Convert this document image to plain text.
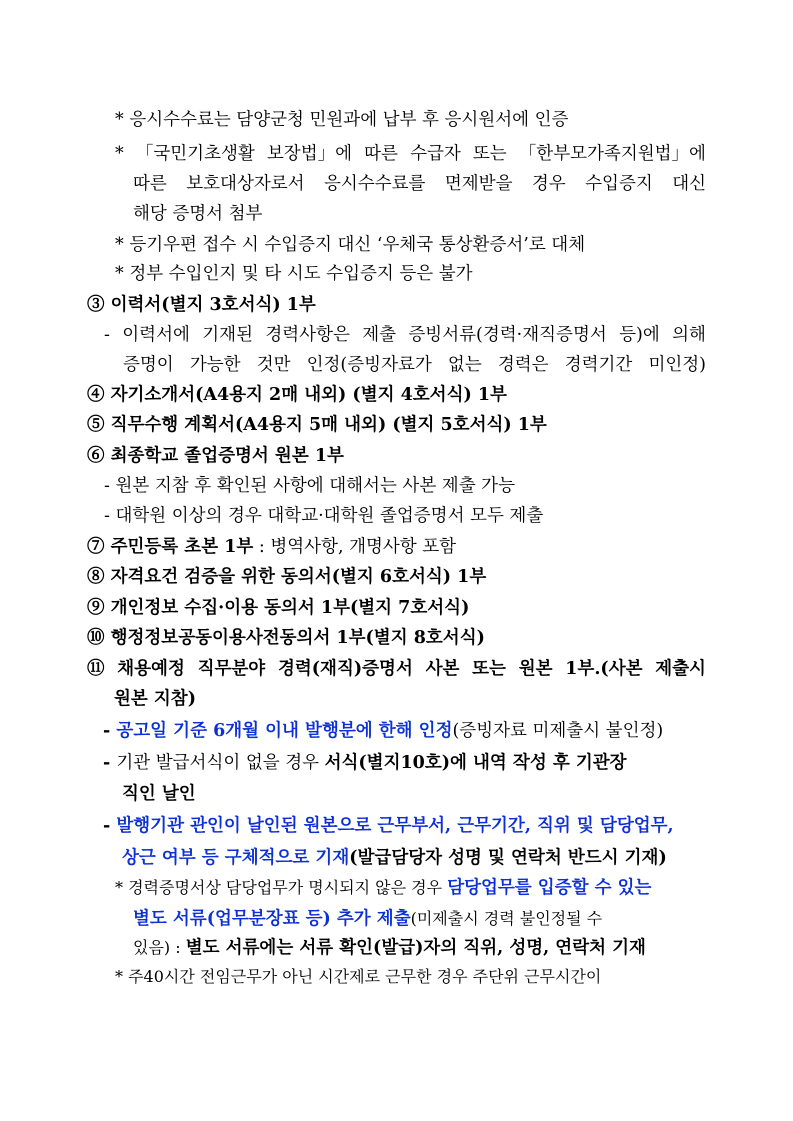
* 응시수수료는 담양군청 민원과에 납부 후 응시원서에 인증
* 「국민기초생활 보장법」에 따른 수급자 또는 「한부모가족지원법」에
따른 보호대상자로서 응시수수료를 면제받을 경우 수입증지 대신
해당 증명서 첨부
* 등기우편 접수 시 수입증지 대신 ‘우체국 통상환증서’로 대체
* 정부 수입인지 및 타 시도 수입증지 등은 불가
③ 이력서(별지 3호서식) 1부
- 이력서에 기재된 경력사항은 제출 증빙서류(경력·재직증명서 등)에 의해
증명이 가능한 것만 인정(증빙자료가 없는 경력은 경력기간 미인정)
④ 자기소개서(A4용지 2매 내외) (별지 4호서식) 1부
⑤ 직무수행 계획서(A4용지 5매 내외) (별지 5호서식) 1부
⑥ 최종학교 졸업증명서 원본 1부
- 원본 지참 후 확인된 사항에 대해서는 사본 제출 가능
- 대학원 이상의 경우 대학교·대학원 졸업증명서 모두 제출
⑦ 주민등록 초본 1부 : 병역사항, 개명사항 포함
⑧ 자격요건 검증을 위한 동의서(별지 6호서식) 1부
⑨ 개인정보 수집·이용 동의서 1부(별지 7호서식)
⑩ 행정정보공동이용사전동의서 1부(별지 8호서식)
⑪ 채용예정 직무분야 경력(재직)증명서 사본 또는 원본 1부.(사본 제출시
원본 지참)
- 공고일 기준 6개월 이내 발행분에 한해 인정(증빙자료 미제출시 불인정)
- 기관 발급서식이 없을 경우 서식(별지10호)에 내역 작성 후 기관장
직인 날인
- 발행기관 관인이 날인된 원본으로 근무부서, 근무기간, 직위 및 담당업무,
상근 여부 등 구체적으로 기재(발급담당자 성명 및 연락처 반드시 기재)
* 경력증명서상 담당업무가 명시되지 않은 경우 담당업무를 입증할 수 있는
별도 서류(업무분장표 등) 추가 제출(미제출시 경력 불인정될 수
있음) : 별도 서류에는 서류 확인(발급)자의 직위, 성명, 연락처 기재
* 주40시간 전임근무가 아닌 시간제로 근무한 경우 주단위 근무시간이
